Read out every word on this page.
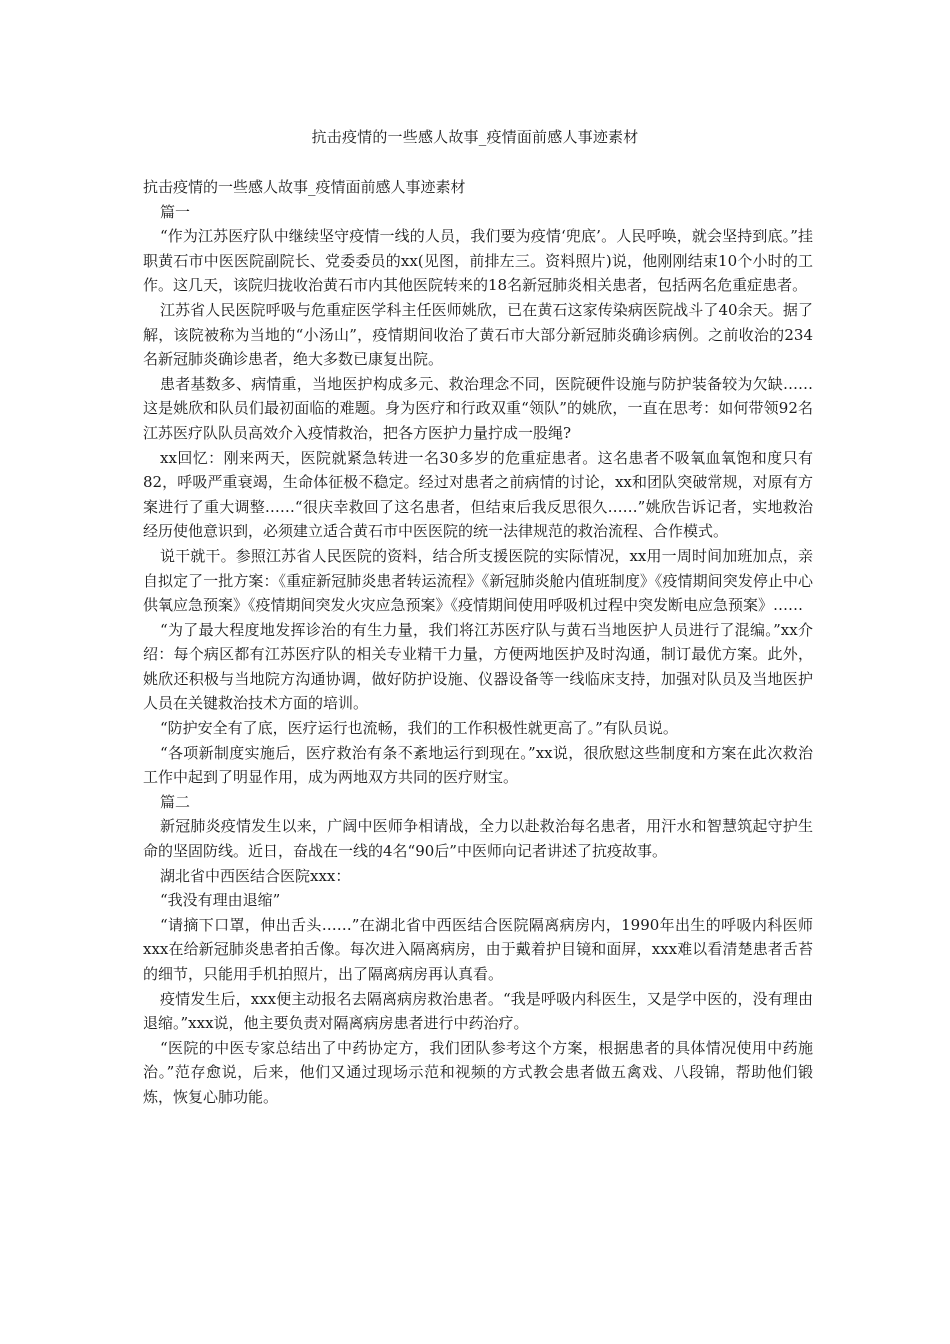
抗击疫情的一些感人故事_疫情面前感人事迹素材

抗击疫情的一些感人故事_疫情面前感人事迹素材

篇一

“作为江苏医疗队中继续坚守疫情一线的人员，我们要为疫情‘兜底’。人民呼唤，就会坚持到底。”挂职黄石市中医医院副院长、党委委员的xx(见图，前排左三。资料照片)说，他刚刚结束10个小时的工作。这几天，该院归拢收治黄石市内其他医院转来的18名新冠肺炎相关患者，包括两名危重症患者。

江苏省人民医院呼吸与危重症医学科主任医师姚欣，已在黄石这家传染病医院战斗了40余天。据了解，该院被称为当地的“小汤山”，疫情期间收治了黄石市大部分新冠肺炎确诊病例。之前收治的234名新冠肺炎确诊患者，绝大多数已康复出院。

患者基数多、病情重，当地医护构成多元、救治理念不同，医院硬件设施与防护装备较为欠缺……这是姚欣和队员们最初面临的难题。身为医疗和行政双重“领队”的姚欣，一直在思考：如何带领92名江苏医疗队队员高效介入疫情救治，把各方医护力量拧成一股绳?

xx回忆：刚来两天，医院就紧急转进一名30多岁的危重症患者。这名患者不吸氧血氧饱和度只有82，呼吸严重衰竭，生命体征极不稳定。经过对患者之前病情的讨论，xx和团队突破常规，对原有方案进行了重大调整……“很庆幸救回了这名患者，但结束后我反思很久……”姚欣告诉记者，实地救治经历使他意识到，必须建立适合黄石市中医医院的统一法律规范的救治流程、合作模式。

说干就干。参照江苏省人民医院的资料，结合所支援医院的实际情况，xx用一周时间加班加点，亲自拟定了一批方案：《重症新冠肺炎患者转运流程》《新冠肺炎舱内值班制度》《疫情期间突发停止中心供氧应急预案》《疫情期间突发火灾应急预案》《疫情期间使用呼吸机过程中突发断电应急预案》……

“为了最大程度地发挥诊治的有生力量，我们将江苏医疗队与黄石当地医护人员进行了混编。”xx介绍：每个病区都有江苏医疗队的相关专业精干力量，方便两地医护及时沟通，制订最优方案。此外，姚欣还积极与当地院方沟通协调，做好防护设施、仪器设备等一线临床支持，加强对队员及当地医护人员在关键救治技术方面的培训。

“防护安全有了底，医疗运行也流畅，我们的工作积极性就更高了。”有队员说。

“各项新制度实施后，医疗救治有条不紊地运行到现在。”xx说，很欣慰这些制度和方案在此次救治工作中起到了明显作用，成为两地双方共同的医疗财宝。

篇二

新冠肺炎疫情发生以来，广阔中医师争相请战，全力以赴救治每名患者，用汗水和智慧筑起守护生命的坚固防线。近日，奋战在一线的4名“90后”中医师向记者讲述了抗疫故事。

湖北省中西医结合医院xxx：

“我没有理由退缩”

“请摘下口罩，伸出舌头……”在湖北省中西医结合医院隔离病房内，1990年出生的呼吸内科医师xxx在给新冠肺炎患者拍舌像。每次进入隔离病房，由于戴着护目镜和面屏，xxx难以看清楚患者舌苔的细节，只能用手机拍照片，出了隔离病房再认真看。

疫情发生后，xxx便主动报名去隔离病房救治患者。“我是呼吸内科医生，又是学中医的，没有理由退缩。”xxx说，他主要负责对隔离病房患者进行中药治疗。

“医院的中医专家总结出了中药协定方，我们团队参考这个方案，根据患者的具体情况使用中药施治。”范存愈说，后来，他们又通过现场示范和视频的方式教会患者做五禽戏、八段锦，帮助他们锻炼，恢复心肺功能。
